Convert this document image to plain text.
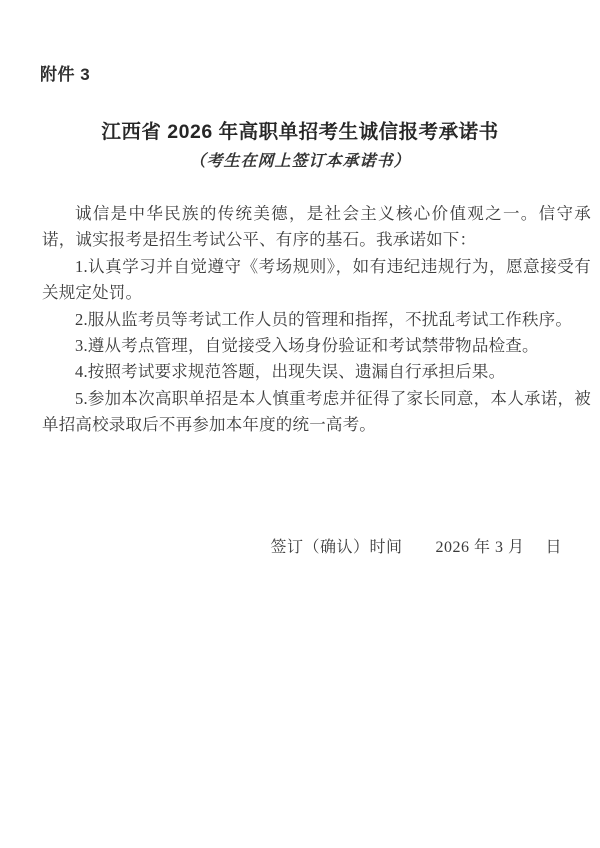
附件 3
江西省 2026 年高职单招考生诚信报考承诺书
（考生在网上签订本承诺书）

诚信是中华民族的传统美德，是社会主义核心价值观之一。信守承诺，诚实报考是招生考试公平、有序的基石。我承诺如下：

1.认真学习并自觉遵守《考场规则》，如有违纪违规行为，愿意接受有关规定处罚。

2.服从监考员等考试工作人员的管理和指挥，不扰乱考试工作秩序。

3.遵从考点管理，自觉接受入场身份验证和考试禁带物品检查。

4.按照考试要求规范答题，出现失误、遗漏自行承担后果。

5.参加本次高职单招是本人慎重考虑并征得了家长同意，本人承诺，被单招高校录取后不再参加本年度的统一高考。

签订（确认）时间　　2026 年 3 月　 日
